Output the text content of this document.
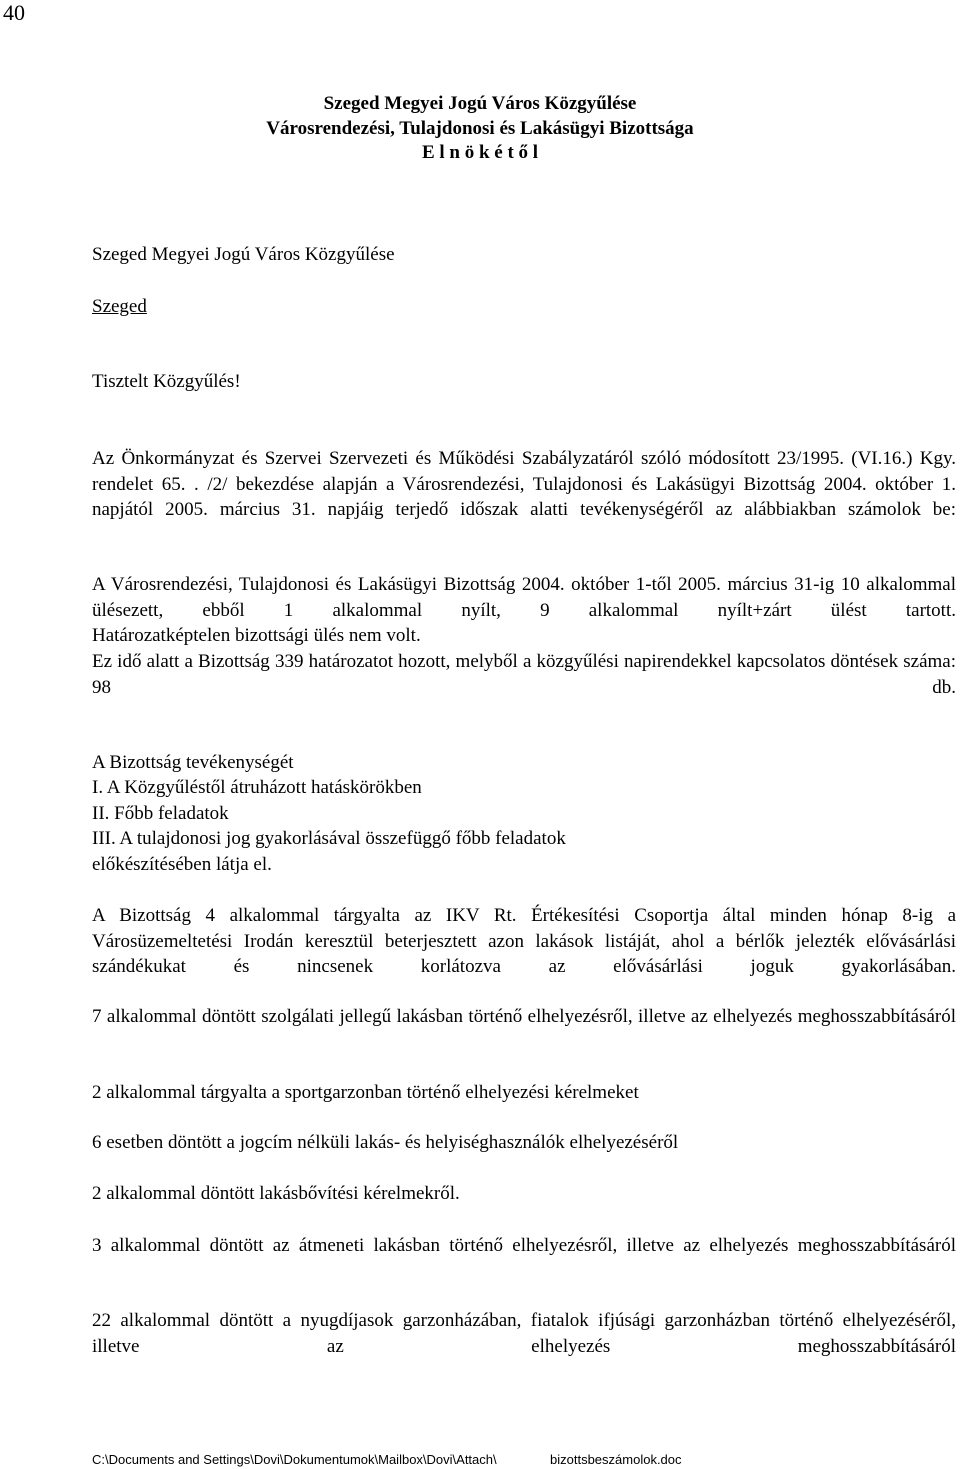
40
Szeged Megyei Jogú Város Közgyűlése
Városrendezési, Tulajdonosi és Lakásügyi Bizottsága
E l n ö k é t ő l

Szeged Megyei Jogú Város Közgyűlése

Szeged

Tisztelt Közgyűlés!

Az Önkormányzat és Szervei Szervezeti és Működési Szabályzatáról szóló módosított 23/1995. (VI.16.) Kgy. rendelet 65. . /2/ bekezdése alapján a Városrendezési, Tulajdonosi és Lakásügyi Bizottság 2004. október 1. napjától 2005. március 31. napjáig terjedő időszak alatti tevékenységéről az alábbiakban számolok be:

A Városrendezési, Tulajdonosi és Lakásügyi Bizottság 2004. október 1-től 2005. március 31-ig 10 alkalommal ülésezett, ebből 1 alkalommal nyílt, 9 alkalommal nyílt+zárt ülést tartott.

Határozatképtelen bizottsági ülés nem volt.

Ez idő alatt a Bizottság 339 határozatot hozott, melyből a közgyűlési napirendekkel kapcsolatos döntések száma: 98 db.

A Bizottság tevékenységét

I. A Közgyűléstől átruházott hatáskörökben

II. Főbb feladatok

III. A tulajdonosi jog gyakorlásával összefüggő főbb feladatok

előkészítésében látja el.

A Bizottság 4 alkalommal tárgyalta az IKV Rt. Értékesítési Csoportja által minden hónap 8-ig a Városüzemeltetési Irodán keresztül beterjesztett azon lakások listáját, ahol a bérlők jelezték elővásárlási szándékukat és nincsenek korlátozva az elővásárlási joguk gyakorlásában.

7 alkalommal döntött szolgálati jellegű lakásban történő elhelyezésről, illetve az elhelyezés meghosszabbításáról

2 alkalommal tárgyalta a sportgarzonban történő elhelyezési kérelmeket

6 esetben döntött a jogcím nélküli lakás- és helyiséghasználók elhelyezéséről

2 alkalommal döntött lakásbővítési kérelmekről.

3 alkalommal döntött az átmeneti lakásban történő elhelyezésről, illetve az elhelyezés meghosszabbításáról

22 alkalommal döntött a nyugdíjasok garzonházában, fiatalok ifjúsági garzonházban történő elhelyezéséről, illetve az elhelyezés meghosszabbításáról

C:\Documents and Settings\Dovi\Dokumentumok\Mailbox\Dovi\Attach\	bizottsbeszámolok.doc
